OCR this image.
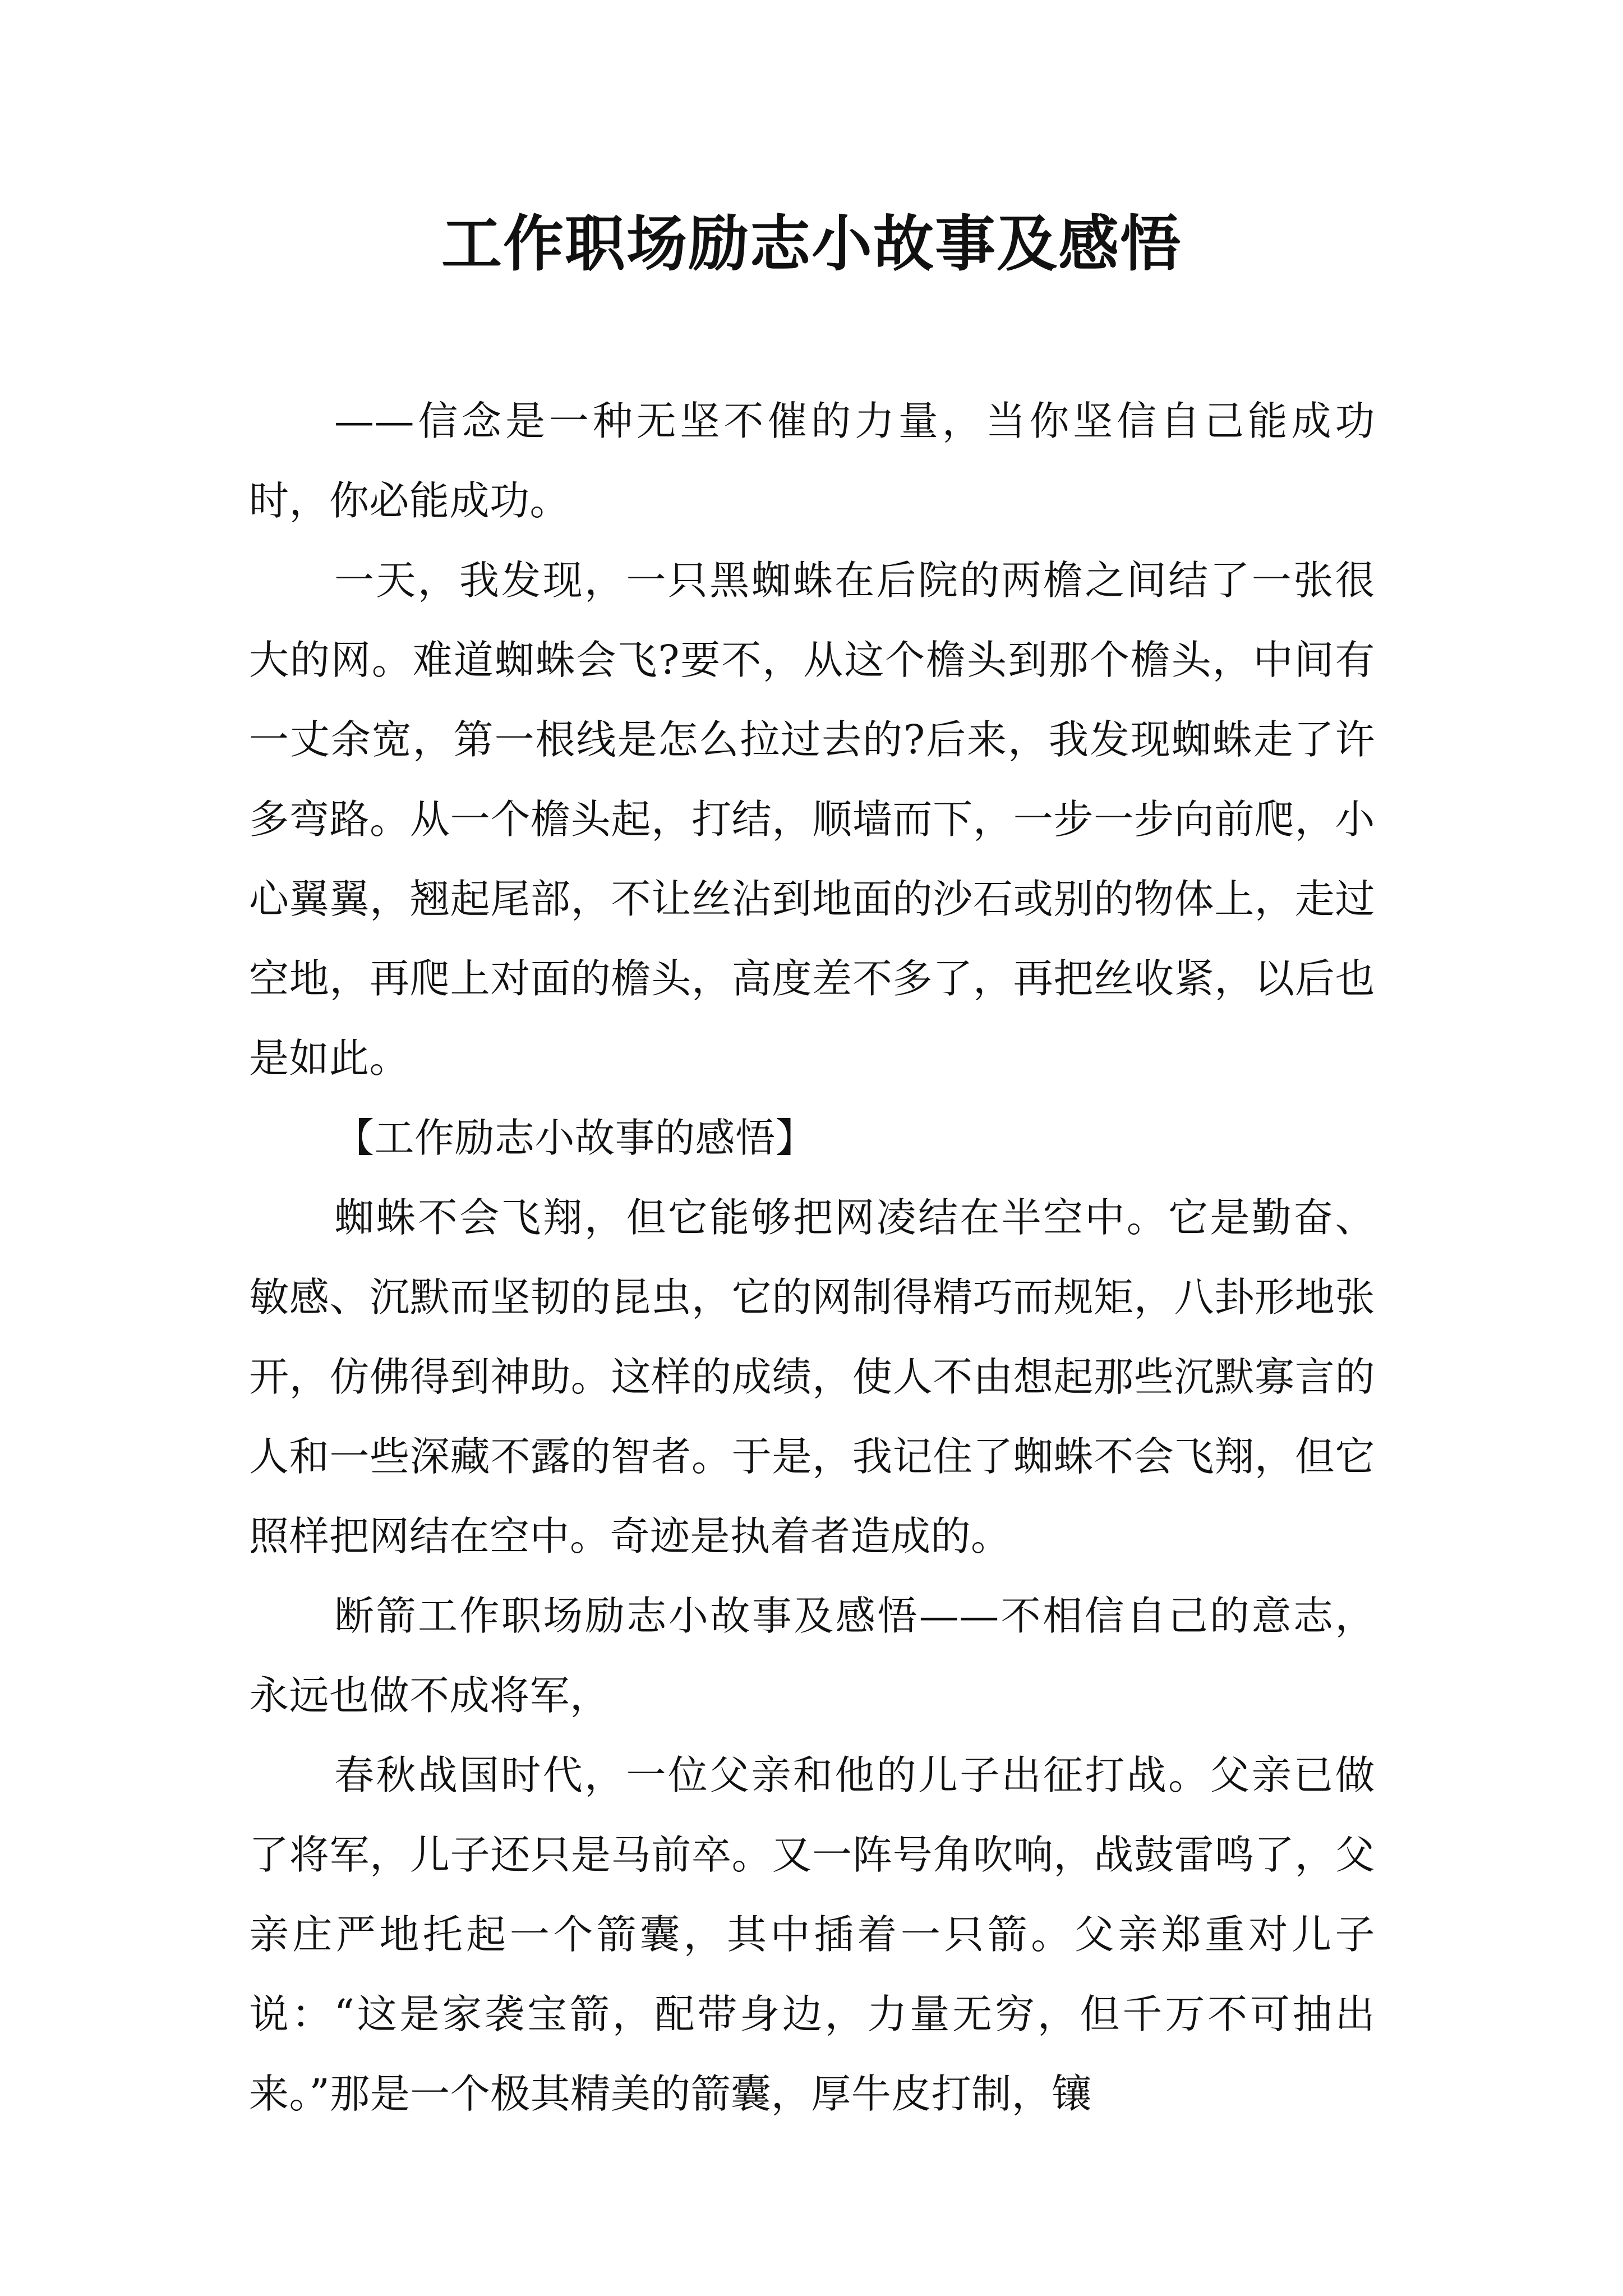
工作职场励志小故事及感悟

——信念是一种无坚不催的力量，当你坚信自己能成功时，你必能成功。

一天，我发现，一只黑蜘蛛在后院的两檐之间结了一张很大的网。难道蜘蛛会飞?要不，从这个檐头到那个檐头，中间有一丈余宽，第一根线是怎么拉过去的?后来，我发现蜘蛛走了许多弯路。从一个檐头起，打结，顺墙而下，一步一步向前爬，小心翼翼，翘起尾部，不让丝沾到地面的沙石或别的物体上，走过空地，再爬上对面的檐头，高度差不多了，再把丝收紧，以后也是如此。

【工作励志小故事的感悟】

蜘蛛不会飞翔，但它能够把网凌结在半空中。它是勤奋、敏感、沉默而坚韧的昆虫，它的网制得精巧而规矩，八卦形地张开，仿佛得到神助。这样的成绩，使人不由想起那些沉默寡言的人和一些深藏不露的智者。于是，我记住了蜘蛛不会飞翔，但它照样把网结在空中。奇迹是执着者造成的。

断箭工作职场励志小故事及感悟——不相信自己的意志，永远也做不成将军，

春秋战国时代，一位父亲和他的儿子出征打战。父亲已做了将军，儿子还只是马前卒。又一阵号角吹响，战鼓雷鸣了，父亲庄严地托起一个箭囊，其中插着一只箭。父亲郑重对儿子说：“这是家袭宝箭，配带身边，力量无穷，但千万不可抽出来。”那是一个极其精美的箭囊，厚牛皮打制，镶
